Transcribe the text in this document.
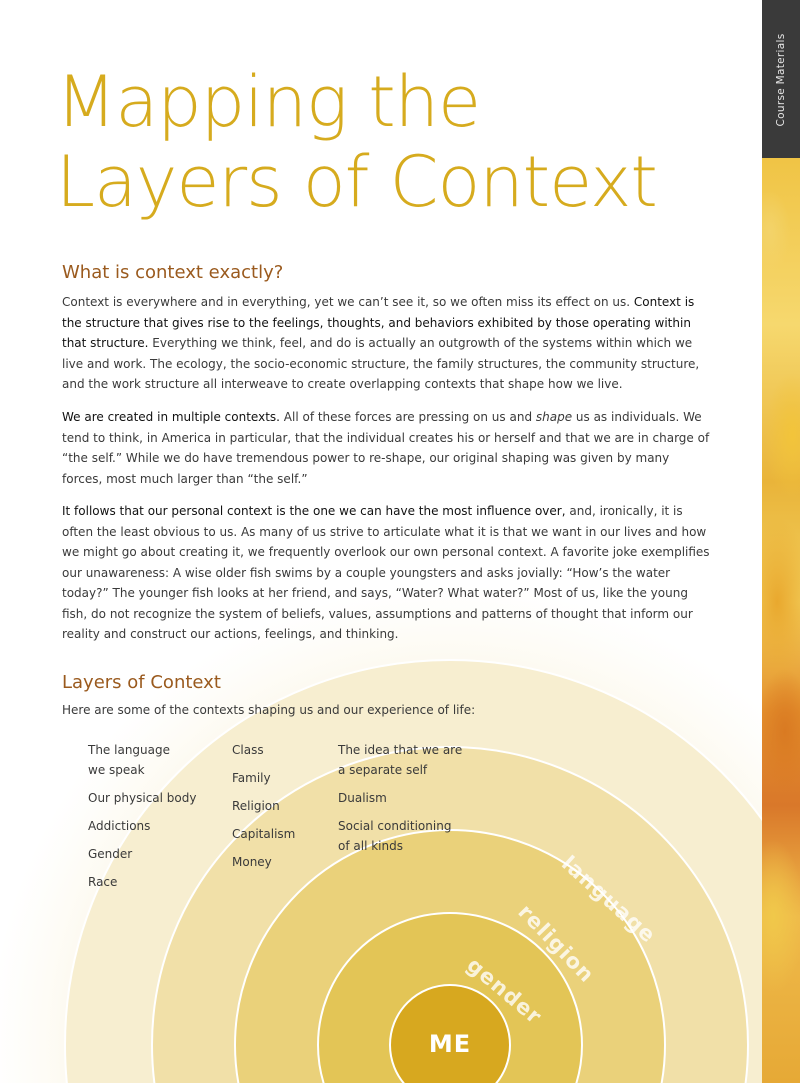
Course Materials
Mapping the
Layers of Context
What is context exactly?

Context is everywhere and in everything, yet we can’t see it, so we often miss its effect on us. Context is the structure that gives rise to the feelings, thoughts, and behaviors exhibited by those operating within that structure. Everything we think, feel, and do is actually an outgrowth of the systems within which we live and work. The ecology, the socio-economic structure, the family structures, the community structure, and the work structure all interweave to create overlapping contexts that shape how we live.

We are created in multiple contexts. All of these forces are pressing on us and shape us as individuals. We tend to think, in America in particular, that the individual creates his or herself and that we are in charge of “the self.” While we do have tremendous power to re-shape, our original shaping was given by many forces, most much larger than “the self.”

It follows that our personal context is the one we can have the most influence over, and, ironically, it is often the least obvious to us. As many of us strive to articulate what it is that we want in our lives and how we might go about creating it, we frequently overlook our own personal context. A favorite joke exemplifies our unawareness: A wise older fish swims by a couple youngsters and asks jovially: “How’s the water today?” The younger fish looks at her friend, and says, “Water? What water?” Most of us, like the young fish, do not recognize the system of beliefs, values, assumptions and patterns of thought that inform our reality and construct our actions, feelings, and thinking.

Layers of Context

Here are some of the contexts shaping us and our experience of life:

The language
we speak
Our physical body
Addictions
Gender
Race
Class
Family
Religion
Capitalism
Money
The idea that we are
a separate self
Dualism
Social conditioning
of all kinds
language
religion
gender
ME
